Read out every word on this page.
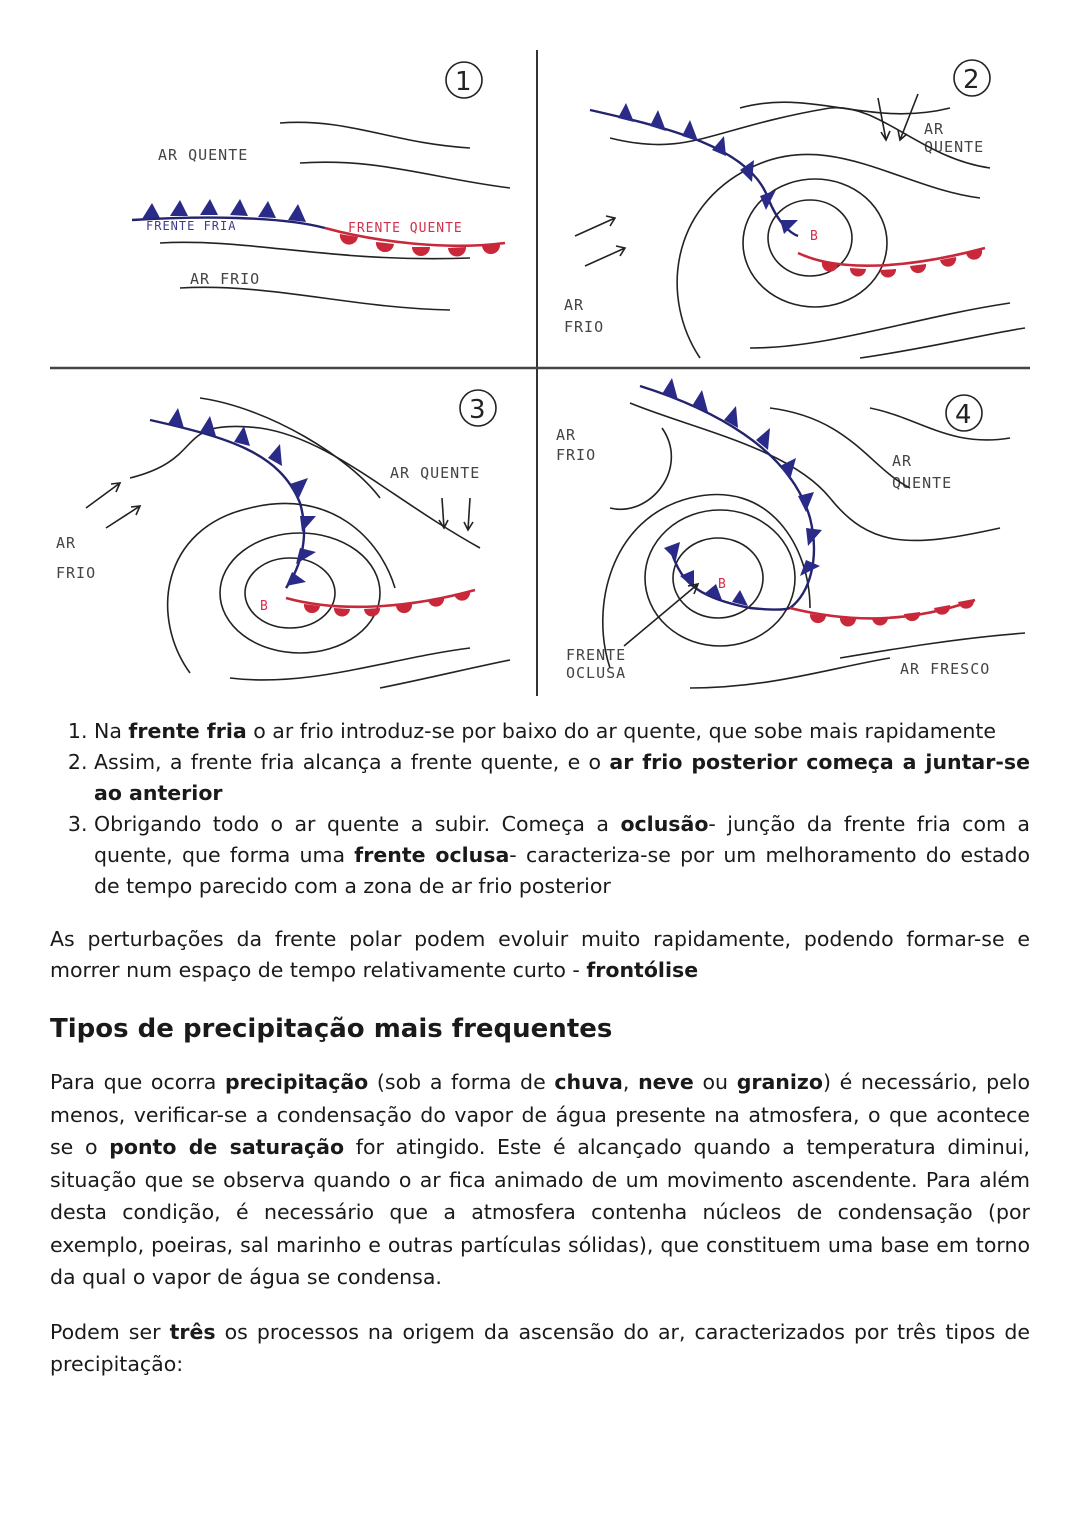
1
AR QUENTE
FRENTE FRIA	FRENTE QUENTE
AR FRIO
2
AR
QUENTE
AR
FRIO
B
3
AR QUENTE
AR
FRIO
B
4
AR
FRIO	AR
QUENTE
B
FRENTE
OCLUSA	AR FRESCO
1. Na frente fria o ar frio introduz-se por baixo do ar quente, que sobe mais rapidamente
2. Assim, a frente fria alcança a frente quente, e o ar frio posterior começa a juntar-se ao anterior
3. Obrigando todo o ar quente a subir. Começa a oclusão- junção da frente fria com a quente, que forma uma frente oclusa- caracteriza-se por um melhoramento do estado de tempo parecido com a zona de ar frio posterior

As perturbações da frente polar podem evoluir muito rapidamente, podendo formar-se e morrer num espaço de tempo relativamente curto - frontólise

Tipos de precipitação mais frequentes

Para que ocorra precipitação (sob a forma de chuva, neve ou granizo) é necessário, pelo menos, verificar-se a condensação do vapor de água presente na atmosfera, o que acontece se o ponto de saturação for atingido. Este é alcançado quando a temperatura diminui, situação que se observa quando o ar fica animado de um movimento ascendente. Para além desta condição, é necessário que a atmosfera contenha núcleos de condensação (por exemplo, poeiras, sal marinho e outras partículas sólidas), que constituem uma base em torno da qual o vapor de água se condensa.

Podem ser três os processos na origem da ascensão do ar, caracterizados por três tipos de precipitação:
